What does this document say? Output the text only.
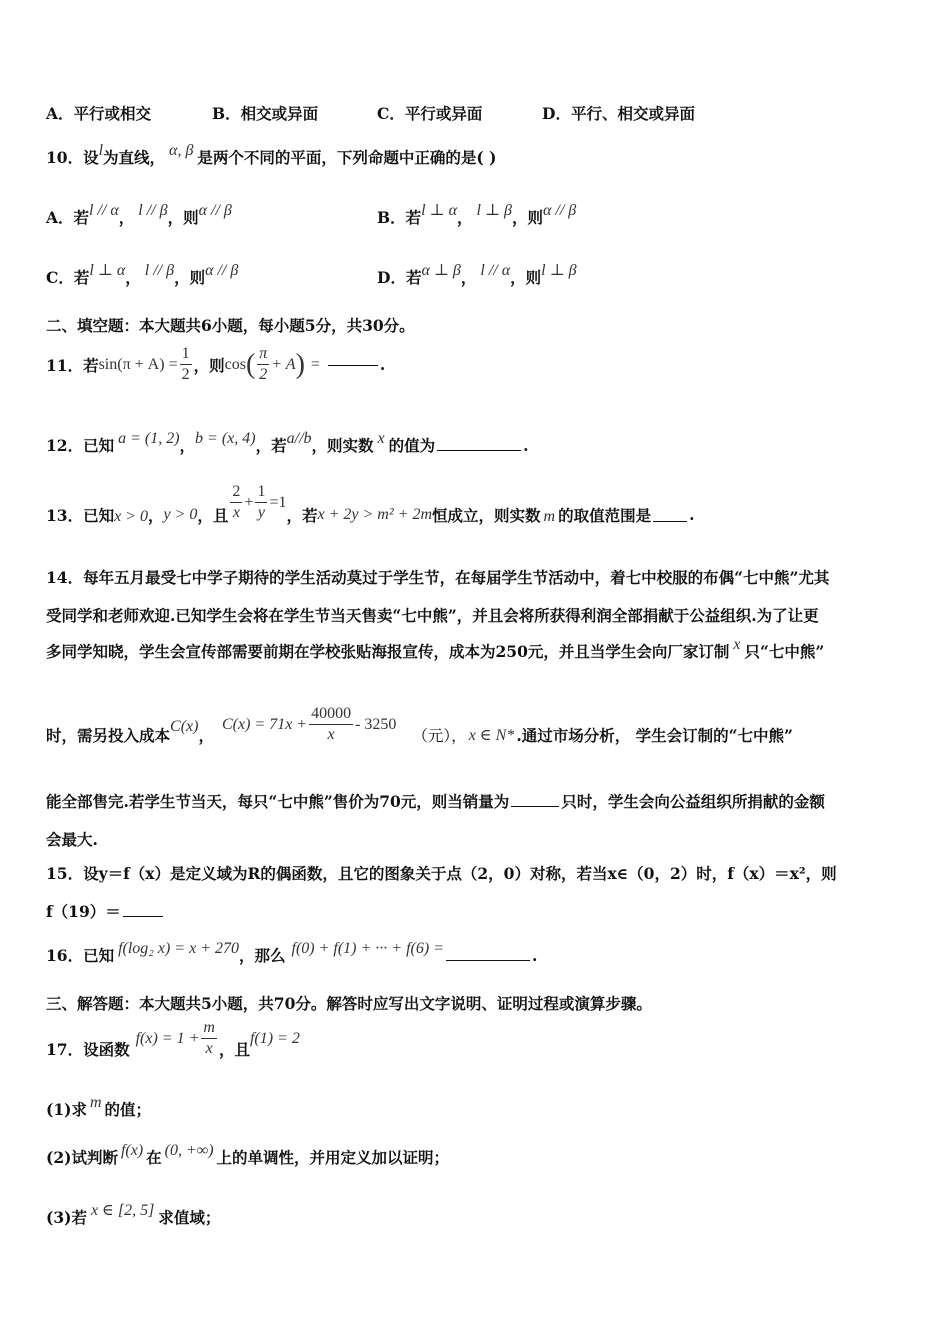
A．平行或相交	B．相交或异面	C．平行或异面	D．平行、相交或异面
10．设l为直线， α, β 是两个不同的平面，下列命题中正确的是( )
A．若l // α， l // β，则α // β	B．若l ⊥ α， l ⊥ β，则α // β
C．若l ⊥ α， l // β，则α // β	D．若α ⊥ β， l // α，则l ⊥ β
二、填空题：本大题共6小题，每小题5分，共30分。
11．若 $\sin(\pi + A) = \frac{1}{2}$ ，则 cos ( $\frac{\pi}{2} + A$ ) =	.
12．已知 a = (1, 2)，b = (x, 4)，若a//b，则实数 x 的值为	.
13．已知 x > 0 ， y > 0 ，且 $\frac{2}{x} + \frac{1}{y} =1$
，若 x + 2y > m² + 2m 恒成立，则实数 m 的取值范围是 .
14．每年五月最受七中学子期待的学生活动莫过于学生节，在每届学生节活动中，着七中校服的布偶“七中熊”尤其
受同学和老师欢迎.已知学生会将在学生节当天售卖“七中熊”，并且会将所获得利润全部捐献于公益组织.为了让更
多同学知晓，学生会宣传部需要前期在学校张贴海报宣传，成本为250元，并且当学生会向厂家订制 x 只“七中熊”
时，需另投入成本 C(x) ，
$C(x) = 71x + \frac{40000}{x} - 3250$
（元）， x ∈ N* .通过市场分析， 学生会订制的“七中熊”
能全部售完.若学生节当天，每只“七中熊”售价为70元，则当销量为	只时，学生会向公益组织所捐献的金额
会最大.
15．设y＝f（x）是定义域为R的偶函数，且它的图象关于点（2，0）对称，若当x∈（0，2）时，f（x）＝x²，则
f（19）＝
16．已知 f(log₂ x) = x + 270，那么 f(0) + f(1) + ··· + f(6) =	.
三、解答题：本大题共5小题，共70分。解答时应写出文字说明、证明过程或演算步骤。
17．设函数
$f(x) = 1 + \frac{m}{x}$ ，且
f(1) = 2
(1)求 m 的值；
(2)试判断 f(x) 在 (0, +∞) 上的单调性，并用定义加以证明；
(3)若 x ∈ [2, 5] 求值域；
